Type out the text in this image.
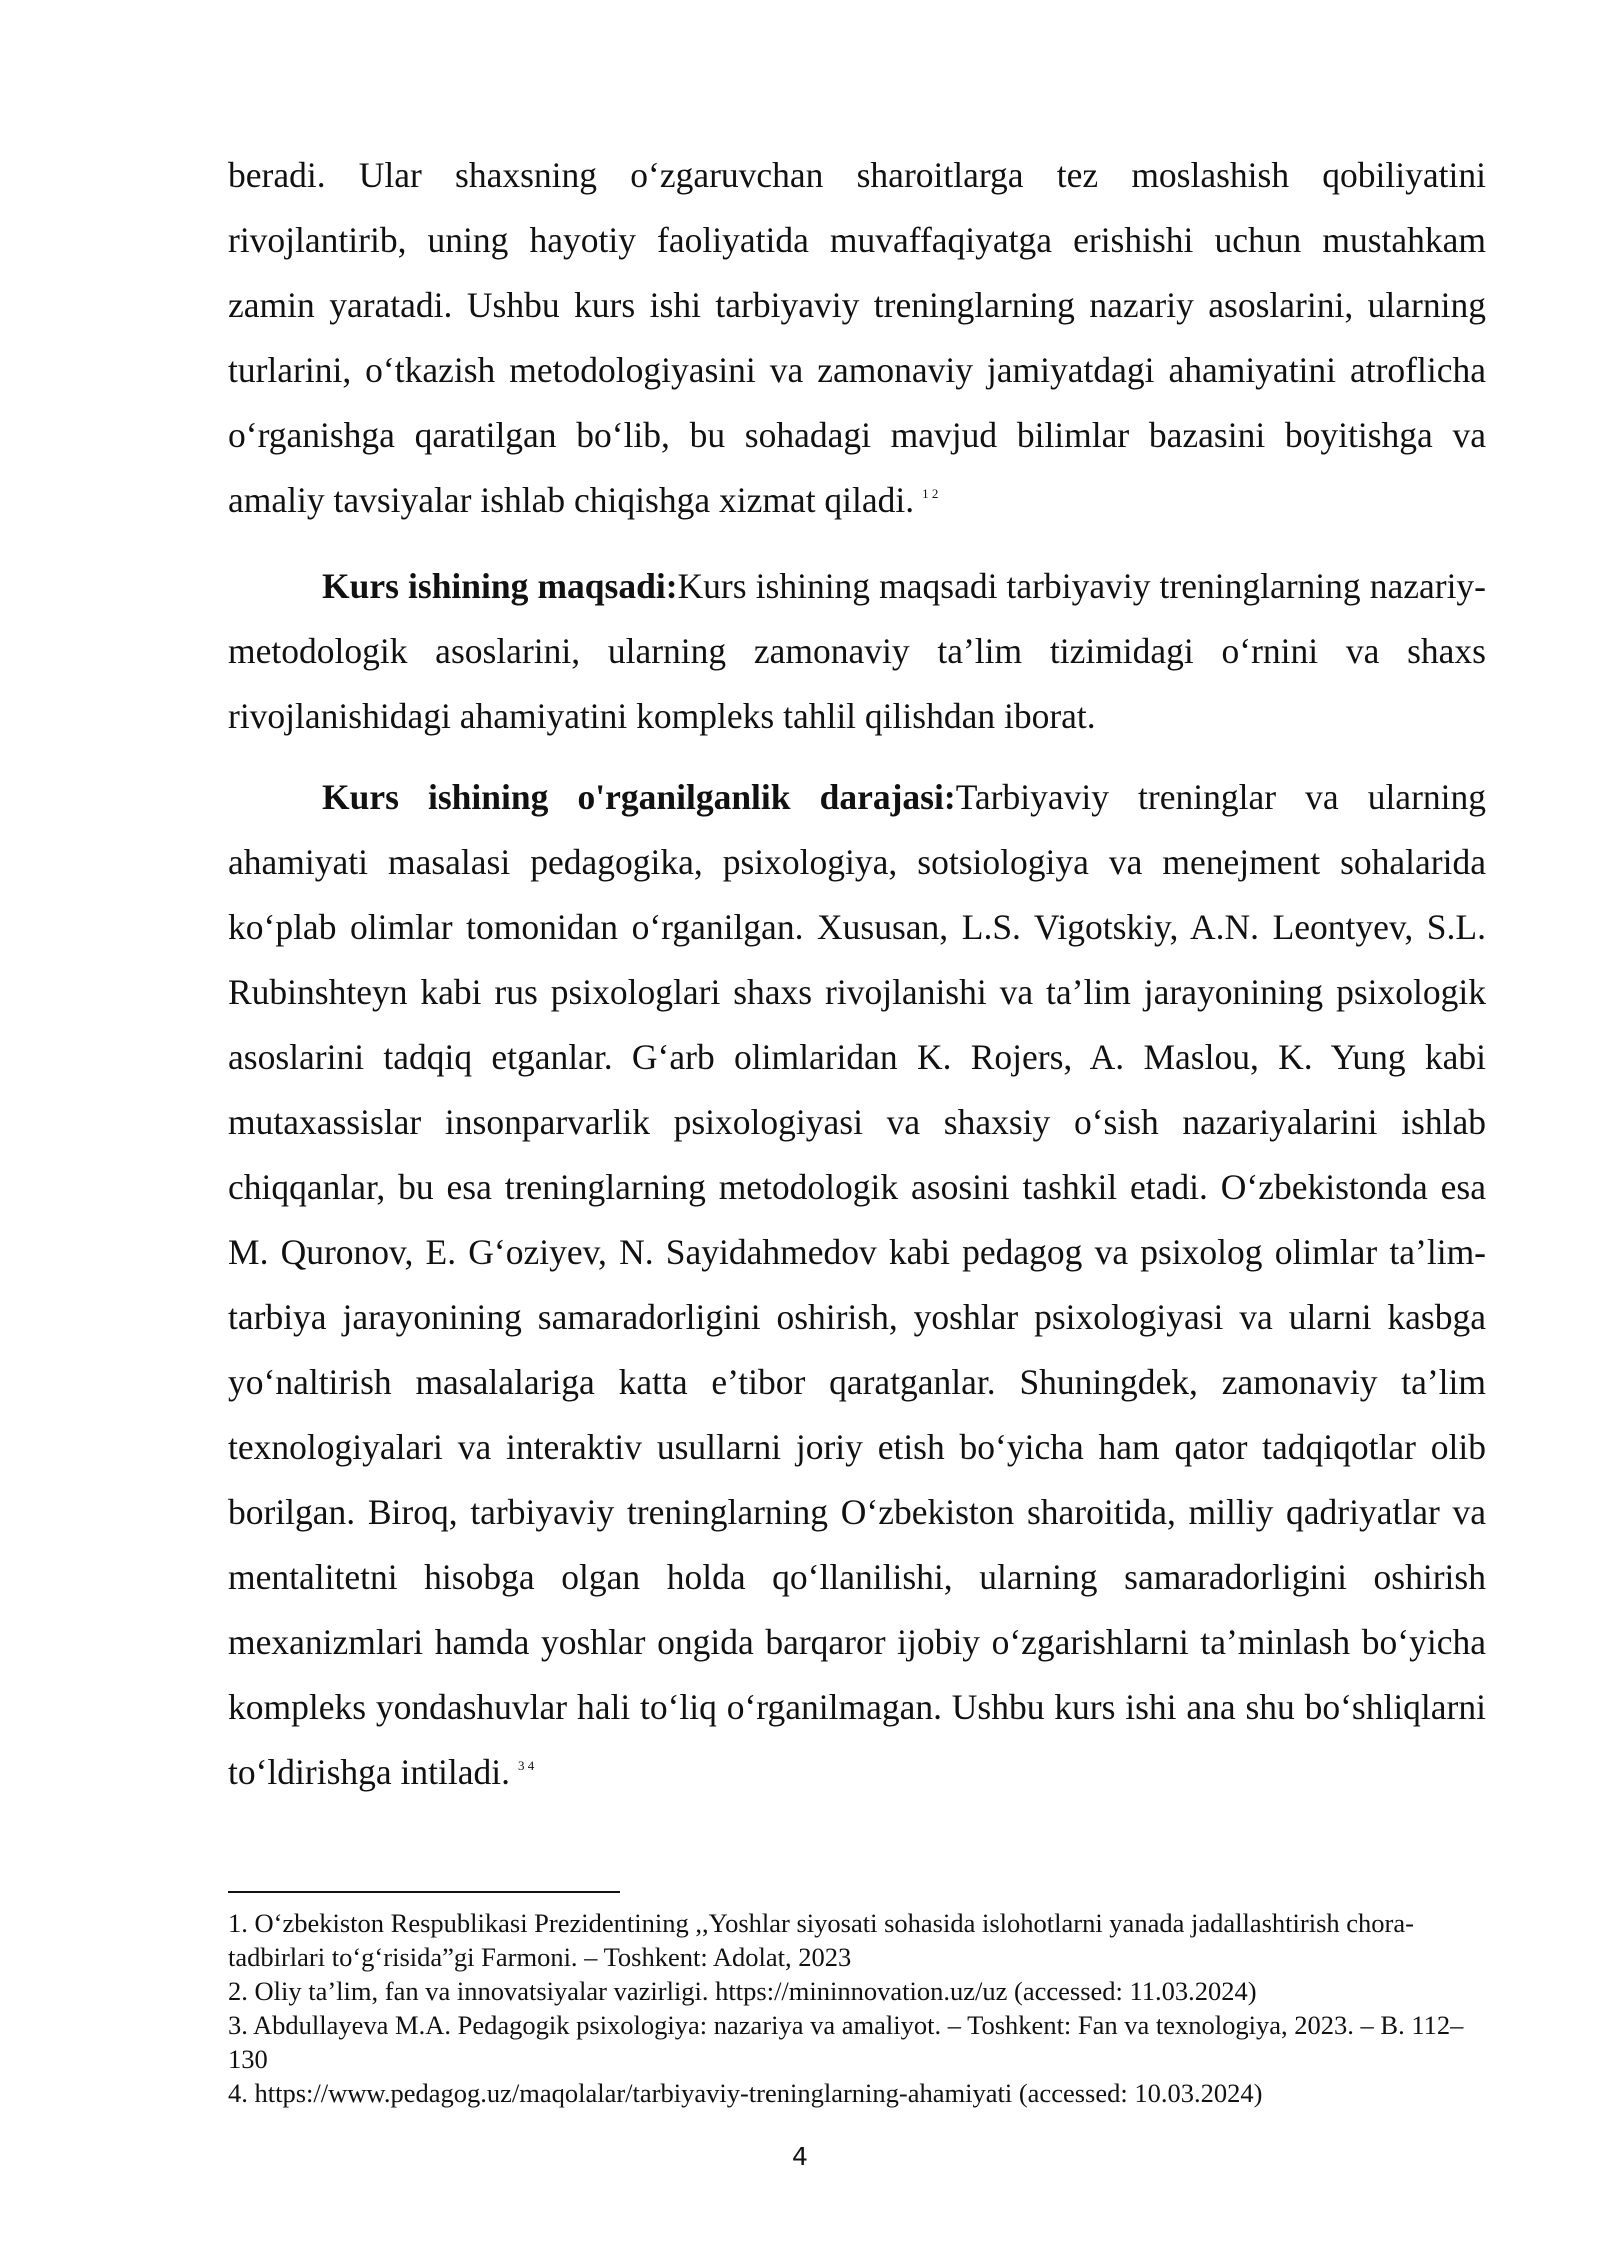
beradi. Ular shaxsning oʻzgaruvchan sharoitlarga tez moslashish qobiliyatini rivojlantirib, uning hayotiy faoliyatida muvaffaqiyatga erishishi uchun mustahkam zamin yaratadi. Ushbu kurs ishi tarbiyaviy treninglarning nazariy asoslarini, ularning turlarini, oʻtkazish metodologiyasini va zamonaviy jamiyatdagi ahamiyatini atroflicha oʻrganishga qaratilgan boʻlib, bu sohadagi mavjud bilimlar bazasini boyitishga va amaliy tavsiyalar ishlab chiqishga xizmat qiladi. $^{1 2}$

Kurs ishining maqsadi:Kurs ishining maqsadi tarbiyaviy treninglarning nazariy-metodologik asoslarini, ularning zamonaviy ta’lim tizimidagi oʻrnini va shaxs rivojlanishidagi ahamiyatini kompleks tahlil qilishdan iborat.

Kurs ishining o'rganilganlik darajasi:Tarbiyaviy treninglar va ularning ahamiyati masalasi pedagogika, psixologiya, sotsiologiya va menejment sohalarida koʻplab olimlar tomonidan oʻrganilgan. Xususan, L.S. Vigotskiy, A.N. Leontyev, S.L. Rubinshteyn kabi rus psixologlari shaxs rivojlanishi va ta’lim jarayonining psixologik asoslarini tadqiq etganlar. Gʻarb olimlaridan K. Rojers, A. Maslou, K. Yung kabi mutaxassislar insonparvarlik psixologiyasi va shaxsiy oʻsish nazariyalarini ishlab chiqqanlar, bu esa treninglarning metodologik asosini tashkil etadi. Oʻzbekistonda esa M. Quronov, E. Gʻoziyev, N. Sayidahmedov kabi pedagog va psixolog olimlar ta’lim-tarbiya jarayonining samaradorligini oshirish, yoshlar psixologiyasi va ularni kasbga yoʻnaltirish masalalariga katta e’tibor qaratganlar. Shuningdek, zamonaviy ta’lim texnologiyalari va interaktiv usullarni joriy etish boʻyicha ham qator tadqiqotlar olib borilgan. Biroq, tarbiyaviy treninglarning Oʻzbekiston sharoitida, milliy qadriyatlar va mentalitetni hisobga olgan holda qoʻllanilishi, ularning samaradorligini oshirish mexanizmlari hamda yoshlar ongida barqaror ijobiy oʻzgarishlarni ta’minlash boʻyicha kompleks yondashuvlar hali toʻliq oʻrganilmagan. Ushbu kurs ishi ana shu boʻshliqlarni toʻldirishga intiladi. $^{3 4}$

1. Oʻzbekiston Respublikasi Prezidentining ,,Yoshlar siyosati sohasida islohotlarni yanada jadallashtirish chora-tadbirlari toʻgʻrisida”gi Farmoni. – Toshkent: Adolat, 2023

2. Oliy ta’lim, fan va innovatsiyalar vazirligi. https://mininnovation.uz/uz (accessed: 11.03.2024)

3. Abdullayeva M.A. Pedagogik psixologiya: nazariya va amaliyot. – Toshkent: Fan va texnologiya, 2023. – B. 112–130

4. https://www.pedagog.uz/maqolalar/tarbiyaviy-treninglarning-ahamiyati (accessed: 10.03.2024)

4
